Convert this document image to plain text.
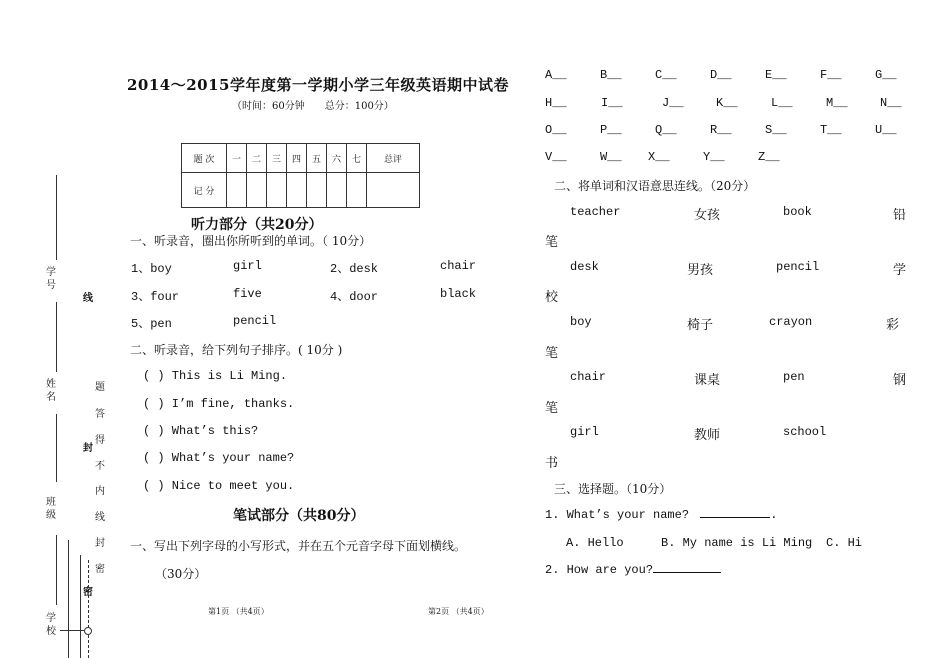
学号
姓名
班级
学校
线
封
密
题
答
得
不
内
线
封
密
2014～2015学年度第一学期小学三年级英语期中试卷
（时间：60分钟　　总分：100分）
题 次	一	二	三	四	五	六	七	总评
记 分								
听力部分（共20分）
一、听录音，圈出你所听到的单词。（ 10分）
1、boy	girl	2、desk	chair
3、four	five	4、door	black
5、pen	pencil
二、听录音，给下列句子排序。( 10分 )
( ) This is Li Ming.
( ) I’m fine, thanks.
( ) What’s this?
( ) What’s your name?
( ) Nice to meet you.
笔试部分（共80分）
一、写出下列字母的小写形式，并在五个元音字母下面划横线。
（30分）
第1页 （共4页）
A__	B__	C__	D__	E__	F__	G__
H__	I__	J__	K__	L__	M__	N__
O__	P__	Q__	R__	S__	T__	U__
V__	W__ X__	Y__	Z__
二、将单词和汉语意思连线。（20分）
teacher	女孩	book	铅
笔
desk	男孩	pencil	学
校
boy	椅子	crayon	彩
笔
chair	课桌	pen	钢
笔
girl	教师	school
书
三、选择题。（10分）
1. What’s your name?	.
A. Hello	B. My name is Li Ming C. Hi
2. How are you?
第2页 （共4页）
